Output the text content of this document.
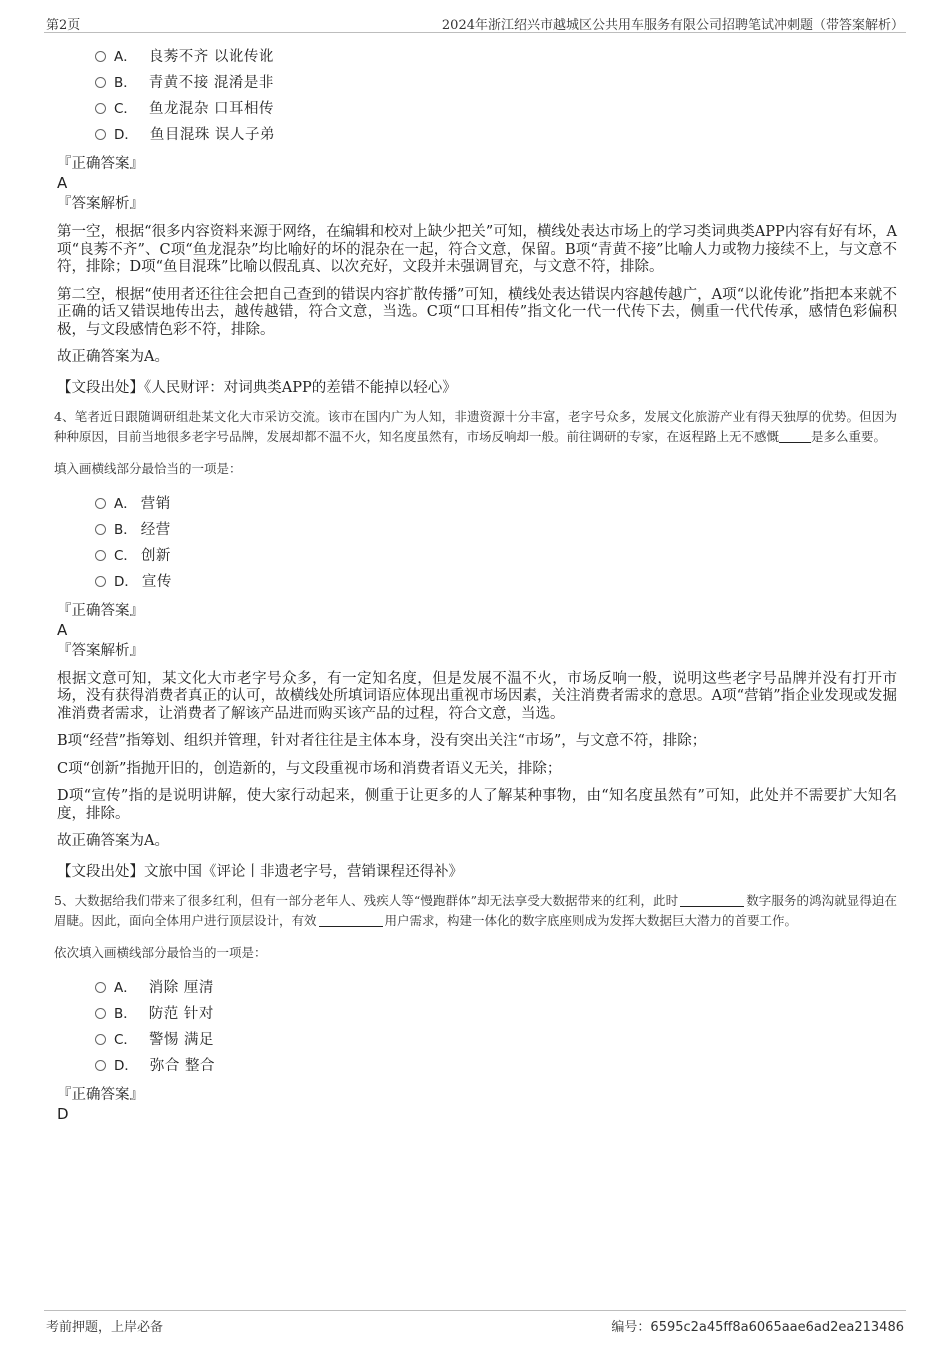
第2页	2024年浙江绍兴市越城区公共用车服务有限公司招聘笔试冲刺题（带答案解析）
A． 良莠不齐 以讹传讹
B． 青黄不接 混淆是非
C． 鱼龙混杂 口耳相传
D． 鱼目混珠 误人子弟
『正确答案』
A
『答案解析』

第一空，根据“很多内容资料来源于网络，在编辑和校对上缺少把关”可知，横线处表达市场上的学习类词典类APP内容有好有坏，A项“良莠不齐”、C项“鱼龙混杂”均比喻好的坏的混杂在一起，符合文意，保留。B项“青黄不接”比喻人力或物力接续不上，与文意不符，排除；D项“鱼目混珠”比喻以假乱真、以次充好，文段并未强调冒充，与文意不符，排除。

第二空，根据“使用者还往往会把自己查到的错误内容扩散传播”可知，横线处表达错误内容越传越广，A项“以讹传讹”指把本来就不正确的话又错误地传出去，越传越错，符合文意，当选。C项“口耳相传”指文化一代一代传下去，侧重一代代传承，感情色彩偏积极，与文段感情色彩不符，排除。

故正确答案为A。

【文段出处】《人民财评：对词典类APP的差错不能掉以轻心》

4、笔者近日跟随调研组赴某文化大市采访交流。该市在国内广为人知，非遗资源十分丰富，老字号众多，发展文化旅游产业有得天独厚的优势。但因为种种原因，目前当地很多老字号品牌，发展却都不温不火，知名度虽然有，市场反响却一般。前往调研的专家，在返程路上无不感慨	是多么重要。

填入画横线部分最恰当的一项是：

A． 营销
B． 经营
C． 创新
D． 宣传
『正确答案』
A
『答案解析』

根据文意可知，某文化大市老字号众多，有一定知名度，但是发展不温不火，市场反响一般，说明这些老字号品牌并没有打开市场，没有获得消费者真正的认可，故横线处所填词语应体现出重视市场因素，关注消费者需求的意思。A项“营销”指企业发现或发掘准消费者需求，让消费者了解该产品进而购买该产品的过程，符合文意，当选。

B项“经营”指筹划、组织并管理，针对者往往是主体本身，没有突出关注“市场”，与文意不符，排除；

C项“创新”指抛开旧的，创造新的，与文段重视市场和消费者语义无关，排除；

D项“宣传”指的是说明讲解，使大家行动起来，侧重于让更多的人了解某种事物，由“知名度虽然有”可知，此处并不需要扩大知名度，排除。

故正确答案为A。

【文段出处】文旅中国《评论丨非遗老字号，营销课程还得补》

5、大数据给我们带来了很多红利，但有一部分老年人、残疾人等“慢跑群体”却无法享受大数据带来的红利，此时	数字服务的鸿沟就显得迫在眉睫。因此，面向全体用户进行顶层设计，有效	用户需求，构建一体化的数字底座则成为发挥大数据巨大潜力的首要工作。

依次填入画横线部分最恰当的一项是：

A． 消除 厘清
B． 防范 针对
C． 警惕 满足
D． 弥合 整合
『正确答案』
D
考前押题，上岸必备	编号：6595c2a45ff8a6065aae6ad2ea213486
